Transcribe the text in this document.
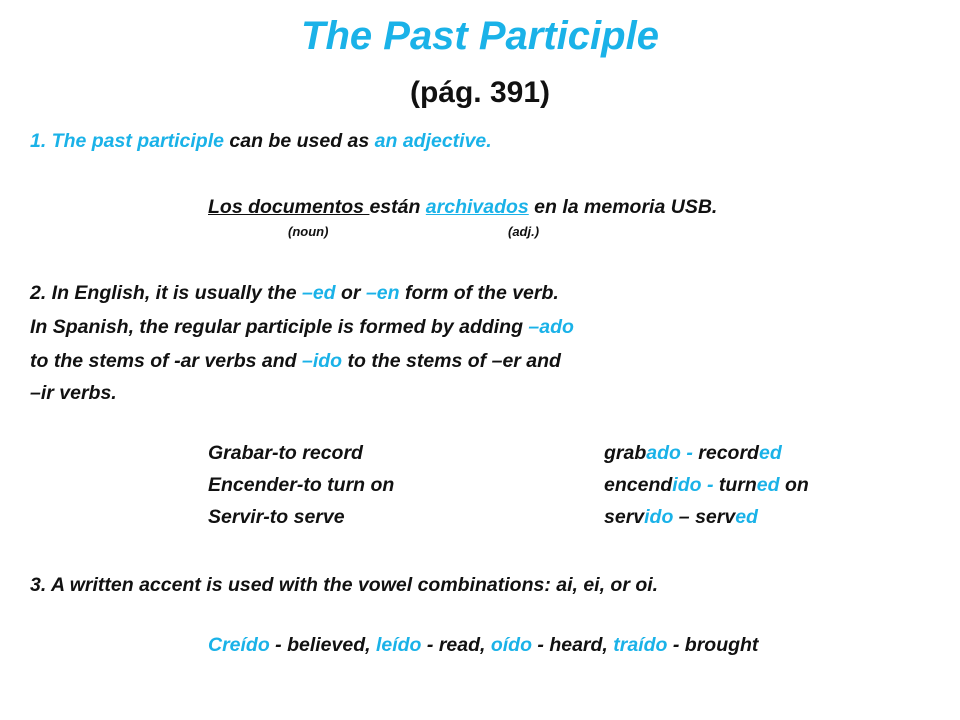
The Past Participle
(pág. 391)
1. The past participle can be used as an adjective.
Los documentos están archivados en la memoria USB.
(noun)	(adj.)
2. In English, it is usually the –ed or –en form of the verb.
In Spanish, the regular participle is formed by adding –ado
to the stems of -ar verbs and –ido to the stems of –er and
–ir verbs.
Grabar-to record	grabado - recorded
Encender-to turn on	encendido - turned on
Servir-to serve	servido – served
3. A written accent is used with the vowel combinations: ai, ei, or oi.
Creído - believed, leído - read, oído - heard, traído - brought
